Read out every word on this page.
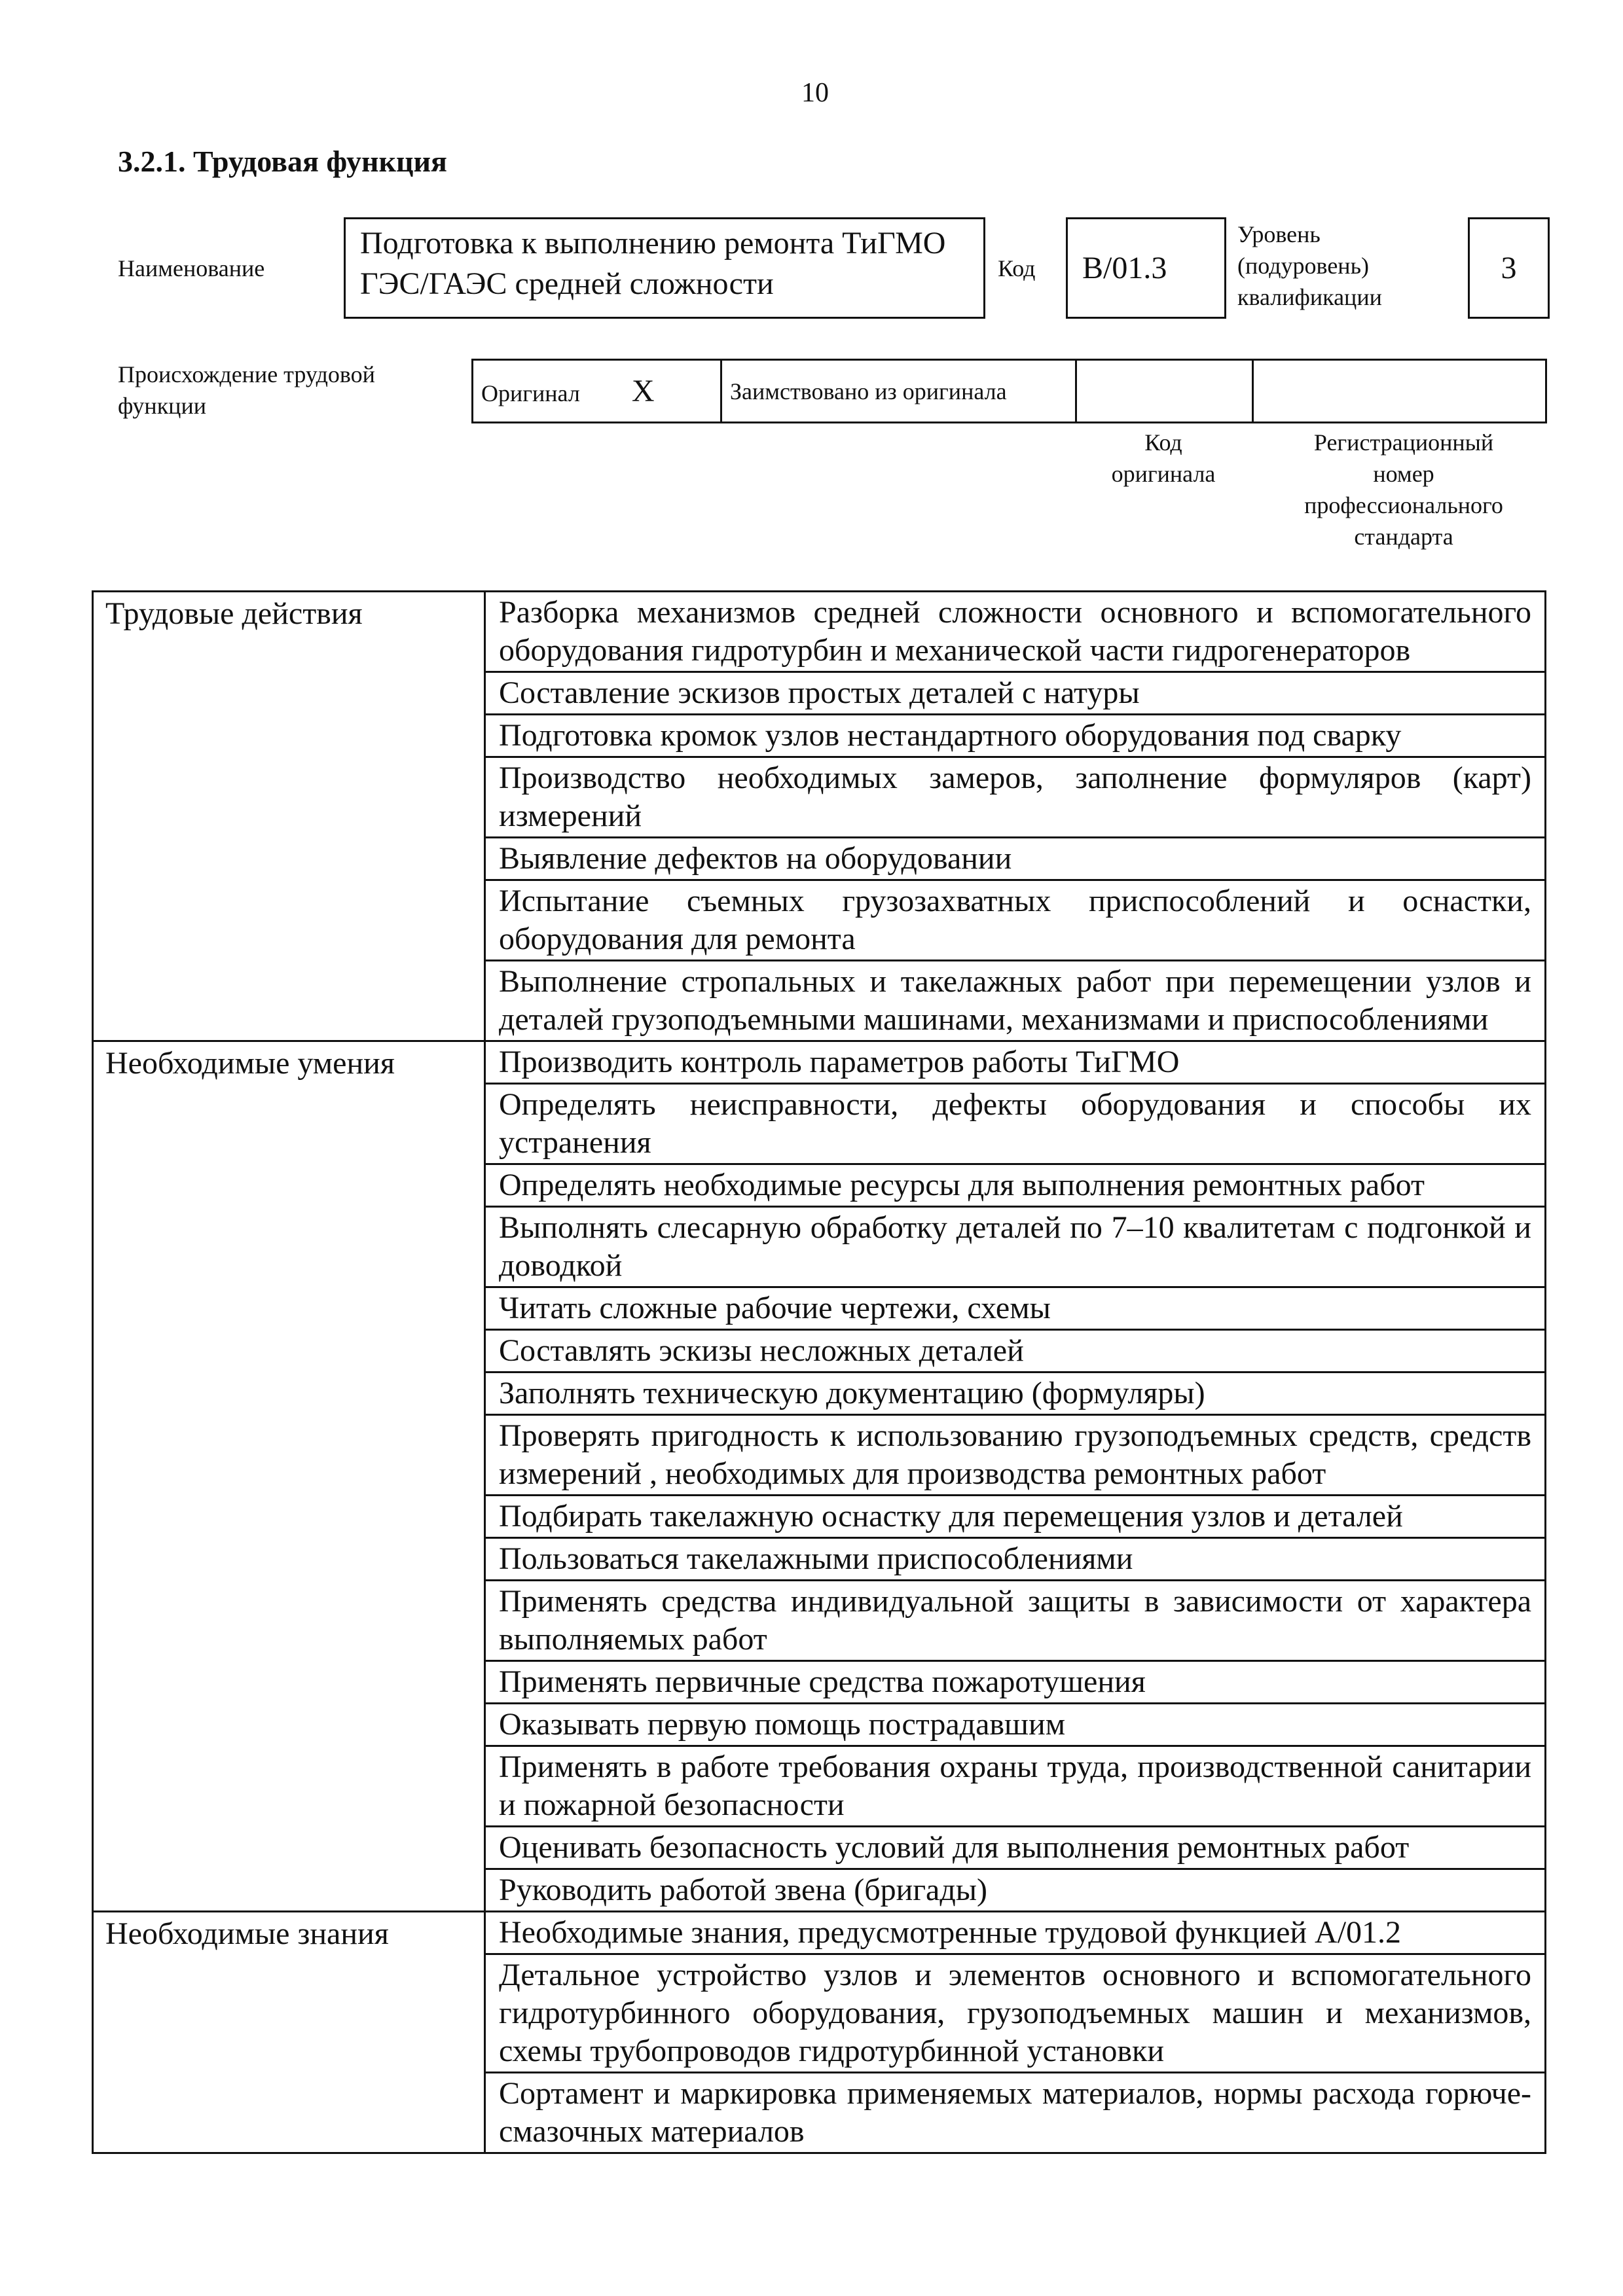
10
3.2.1. Трудовая функция
Наименование
Подготовка к выполнению ремонта ТиГМО ГЭС/ГАЭС средней сложности	Код	B/01.3
Уровень
(подуровень)
квалификации
3
Происхождение трудовой
функции	Оригинал X	Заимствовано из оригинала		
Код
оригинала
Регистрационный
номер
профессионального
стандарта
Трудовые действия	Разборка механизмов средней сложности основного и вспомогательного оборудования гидротурбин и механической части гидрогенераторов
	Составление эскизов простых деталей с натуры
	Подготовка кромок узлов нестандартного оборудования под сварку
	Производство необходимых замеров, заполнение формуляров (карт) измерений
	Выявление дефектов на оборудовании
	Испытание съемных грузозахватных приспособлений и оснастки, оборудования для ремонта
	Выполнение стропальных и такелажных работ при перемещении узлов и деталей грузоподъемными машинами, механизмами и приспособлениями
Необходимые умения	Производить контроль параметров работы ТиГМО
	Определять неисправности, дефекты оборудования и способы их устранения
	Определять необходимые ресурсы для выполнения ремонтных работ
	Выполнять слесарную обработку деталей по 7–10 квалитетам с подгонкой и доводкой
	Читать сложные рабочие чертежи, схемы
	Составлять эскизы несложных деталей
	Заполнять техническую документацию (формуляры)
	Проверять пригодность к использованию грузоподъемных средств, средств измерений , необходимых для производства ремонтных работ
	Подбирать такелажную оснастку для перемещения узлов и деталей
	Пользоваться такелажными приспособлениями
	Применять средства индивидуальной защиты в зависимости от характера выполняемых работ
	Применять первичные средства пожаротушения
	Оказывать первую помощь пострадавшим
	Применять в работе требования охраны труда, производственной санитарии и пожарной безопасности
	Оценивать безопасность условий для выполнения ремонтных работ
	Руководить работой звена (бригады)
Необходимые знания	Необходимые знания, предусмотренные трудовой функцией А/01.2
	Детальное устройство узлов и элементов основного и вспомогательного гидротурбинного оборудования, грузоподъемных машин и механизмов, схемы трубопроводов гидротурбинной установки
	Сортамент и маркировка применяемых материалов, нормы расхода горюче-смазочных материалов
